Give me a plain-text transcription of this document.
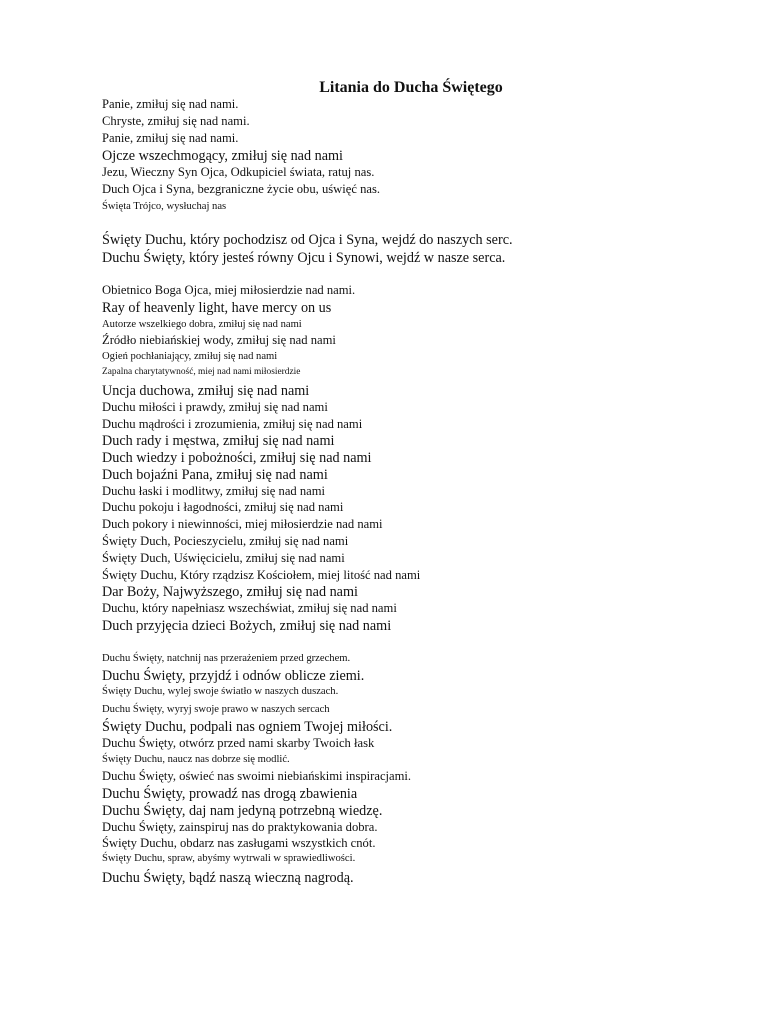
Litania do Ducha Świętego

Panie, zmiłuj się nad nami.

Chryste, zmiłuj się nad nami.

Panie, zmiłuj się nad nami.

Ojcze wszechmogący, zmiłuj się nad nami

Jezu, Wieczny Syn Ojca, Odkupiciel świata, ratuj nas.

Duch Ojca i Syna, bezgraniczne życie obu, uświęć nas.

Święta Trójco, wysłuchaj nas

Święty Duchu, który pochodzisz od Ojca i Syna, wejdź do naszych serc.

Duchu Święty, który jesteś równy Ojcu i Synowi, wejdź w nasze serca.

Obietnico Boga Ojca, miej miłosierdzie nad nami.

Ray of heavenly light, have mercy on us

Autorze wszelkiego dobra, zmiłuj się nad nami

Źródło niebiańskiej wody, zmiłuj się nad nami

Ogień pochłaniający, zmiłuj się nad nami

Zapalna charytatywność, miej nad nami miłosierdzie

Uncja duchowa, zmiłuj się nad nami

Duchu miłości i prawdy, zmiłuj się nad nami

Duchu mądrości i zrozumienia, zmiłuj się nad nami

Duch rady i męstwa, zmiłuj się nad nami

Duch wiedzy i pobożności, zmiłuj się nad nami

Duch bojaźni Pana, zmiłuj się nad nami

Duchu łaski i modlitwy, zmiłuj się nad nami

Duchu pokoju i łagodności, zmiłuj się nad nami

Duch pokory i niewinności, miej miłosierdzie nad nami

Święty Duch, Pocieszycielu, zmiłuj się nad nami

Święty Duch, Uświęcicielu, zmiłuj się nad nami

Święty Duchu, Który rządzisz Kościołem, miej litość nad nami

Dar Boży, Najwyższego, zmiłuj się nad nami

Duchu, który napełniasz wszechświat, zmiłuj się nad nami

Duch przyjęcia dzieci Bożych, zmiłuj się nad nami

Duchu Święty, natchnij nas przerażeniem przed grzechem.

Duchu Święty, przyjdź i odnów oblicze ziemi.

Święty Duchu, wylej swoje światło w naszych duszach.

Duchu Święty, wyryj swoje prawo w naszych sercach

Święty Duchu, podpali nas ogniem Twojej miłości.

Duchu Święty, otwórz przed nami skarby Twoich łask

Święty Duchu, naucz nas dobrze się modlić.

Duchu Święty, oświeć nas swoimi niebiańskimi inspiracjami.

Duchu Święty, prowadź nas drogą zbawienia

Duchu Święty, daj nam jedyną potrzebną wiedzę.

Duchu Święty, zainspiruj nas do praktykowania dobra.

Święty Duchu, obdarz nas zasługami wszystkich cnót.

Święty Duchu, spraw, abyśmy wytrwali w sprawiedliwości.

Duchu Święty, bądź naszą wieczną nagrodą.
